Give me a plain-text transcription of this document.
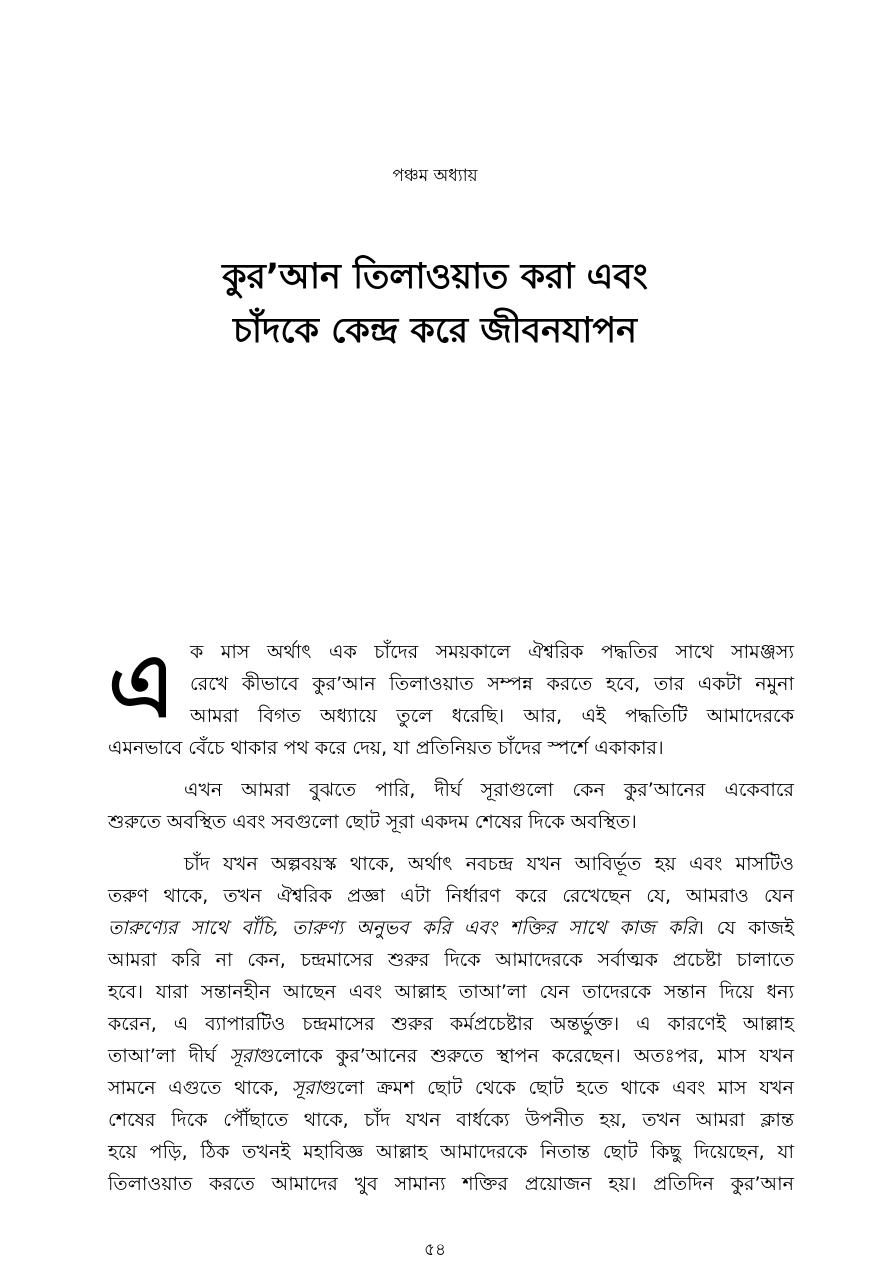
পঞ্চম অধ্যায়
কুর’আন তিলাওয়াত করা এবং
চাঁদকে কেন্দ্র করে জীবনযাপন

এ ক মাস অর্থাৎ এক চাঁদের সময়কালে ঐশ্বরিক পদ্ধতির সাথে সামঞ্জস্য
রেখে কীভাবে কুর’আন তিলাওয়াত সম্পন্ন করতে হবে, তার একটা নমুনা
আমরা বিগত অধ্যায়ে তুলে ধরেছি। আর, এই পদ্ধতিটি আমাদেরকে
এমনভাবে বেঁচে থাকার পথ করে দেয়, যা প্রতিনিয়ত চাঁদের স্পর্শে একাকার।

এখন আমরা বুঝতে পারি, দীর্ঘ সূরাগুলো কেন কুর’আনের একেবারে
শুরুতে অবস্থিত এবং সবগুলো ছোট সূরা একদম শেষের দিকে অবস্থিত।

চাঁদ যখন অল্পবয়স্ক থাকে, অর্থাৎ নবচন্দ্র যখন আবির্ভূত হয় এবং মাসটিও
তরুণ থাকে, তখন ঐশ্বরিক প্রজ্ঞা এটা নির্ধারণ করে রেখেছেন যে, আমরাও যেন
তারুণ্যের সাথে বাঁচি, তারুণ্য অনুভব করি এবং শক্তির সাথে কাজ করি। যে কাজই
আমরা করি না কেন, চন্দ্রমাসের শুরুর দিকে আমাদেরকে সর্বাত্মক প্রচেষ্টা চালাতে
হবে। যারা সন্তানহীন আছেন এবং আল্লাহ তাআ’লা যেন তাদেরকে সন্তান দিয়ে ধন্য
করেন, এ ব্যাপারটিও চন্দ্রমাসের শুরুর কর্মপ্রচেষ্টার অন্তর্ভুক্ত। এ কারণেই আল্লাহ
তাআ’লা দীর্ঘ সূরাগুলোকে কুর’আনের শুরুতে স্থাপন করেছেন। অতঃপর, মাস যখন
সামনে এগুতে থাকে, সূরাগুলো ক্রমশ ছোট থেকে ছোট হতে থাকে এবং মাস যখন
শেষের দিকে পৌঁছাতে থাকে, চাঁদ যখন বার্ধক্যে উপনীত হয়, তখন আমরা ক্লান্ত
হয়ে পড়ি, ঠিক তখনই মহাবিজ্ঞ আল্লাহ আমাদেরকে নিতান্ত ছোট কিছু দিয়েছেন, যা
তিলাওয়াত করতে আমাদের খুব সামান্য শক্তির প্রয়োজন হয়। প্রতিদিন কুর’আন

৫৪
